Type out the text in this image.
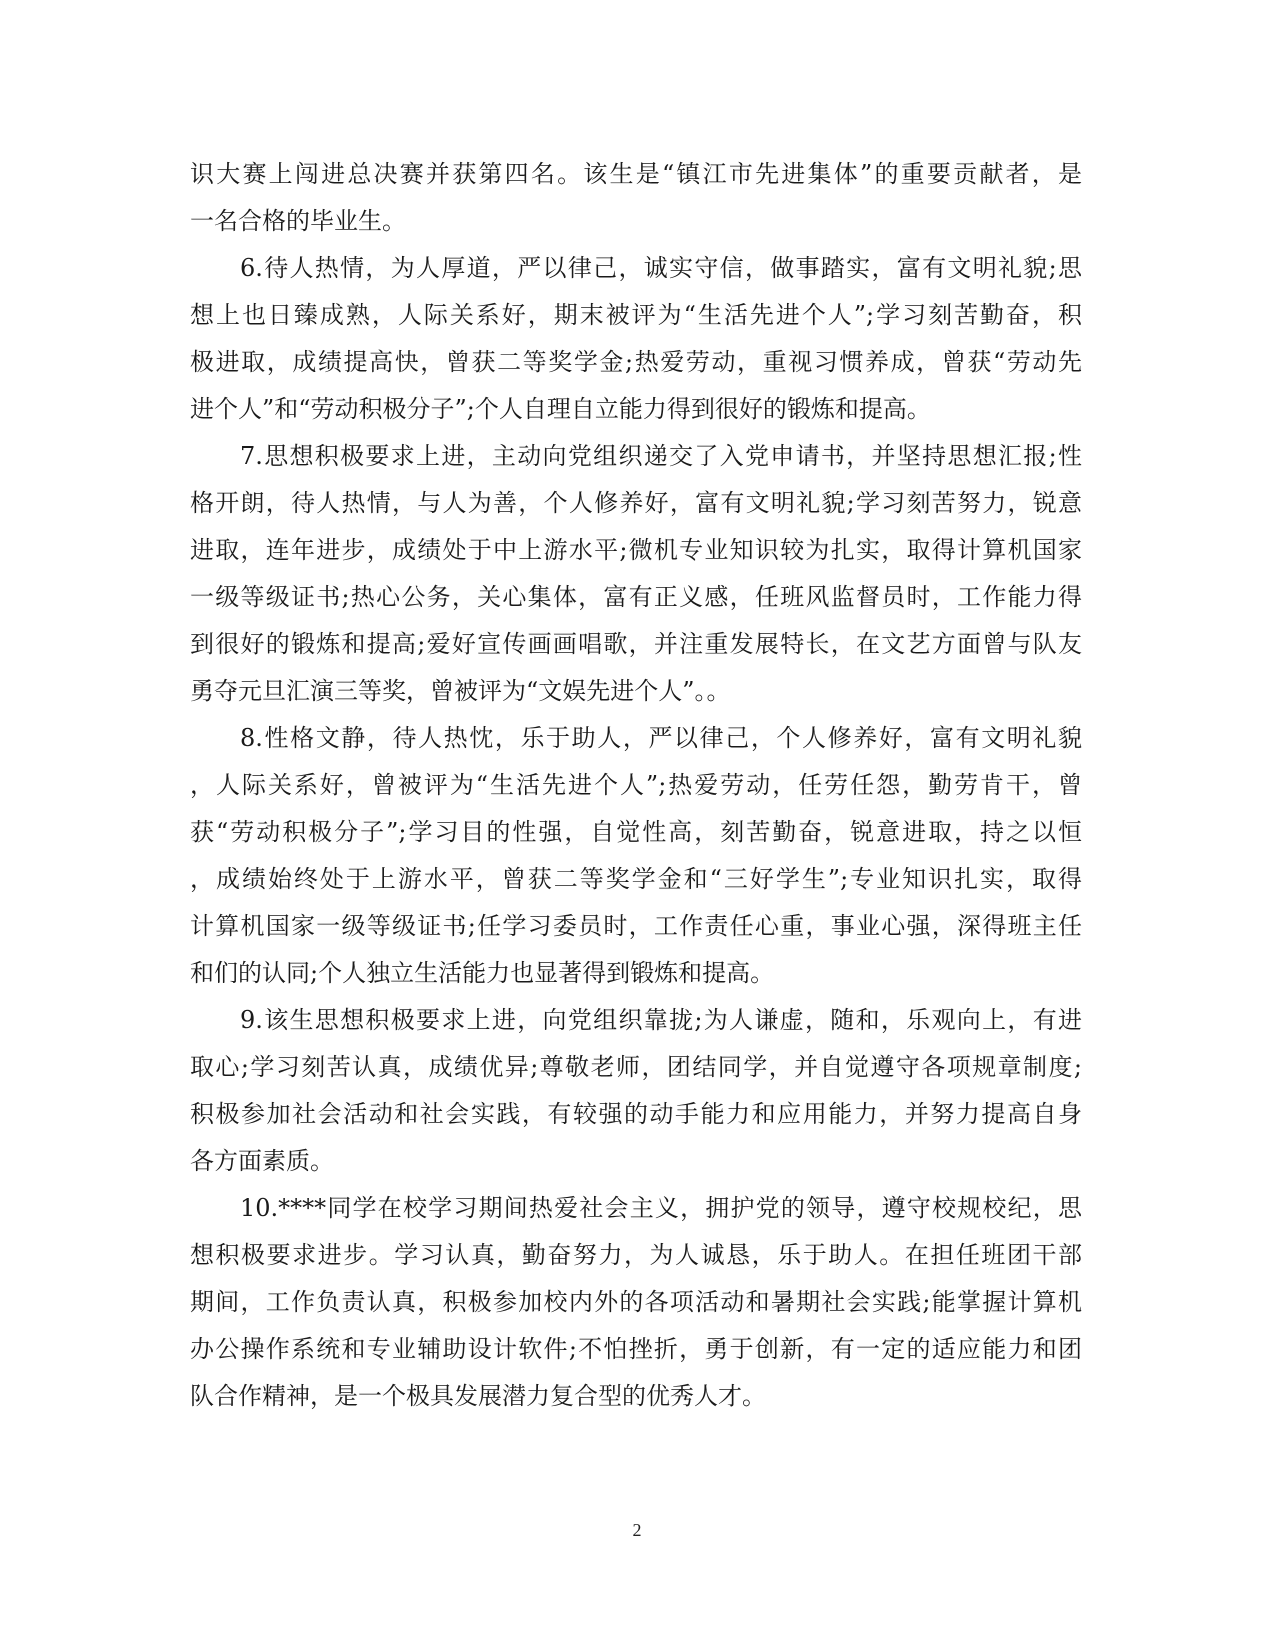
识大赛上闯进总决赛并获第四名。该生是“镇江市先进集体”的重要贡献者，是
一名合格的毕业生。
6.待人热情，为人厚道，严以律己，诚实守信，做事踏实，富有文明礼貌;思
想上也日臻成熟，人际关系好，期末被评为“生活先进个人”;学习刻苦勤奋，积
极进取，成绩提高快，曾获二等奖学金;热爱劳动，重视习惯养成，曾获“劳动先
进个人”和“劳动积极分子”;个人自理自立能力得到很好的锻炼和提高。
7.思想积极要求上进，主动向党组织递交了入党申请书，并坚持思想汇报;性
格开朗，待人热情，与人为善，个人修养好，富有文明礼貌;学习刻苦努力，锐意
进取，连年进步，成绩处于中上游水平;微机专业知识较为扎实，取得计算机国家
一级等级证书;热心公务，关心集体，富有正义感，任班风监督员时，工作能力得
到很好的锻炼和提高;爱好宣传画画唱歌，并注重发展特长，在文艺方面曾与队友
勇夺元旦汇演三等奖，曾被评为“文娱先进个人”。。
8.性格文静，待人热忱，乐于助人，严以律己，个人修养好，富有文明礼貌
，人际关系好，曾被评为“生活先进个人”;热爱劳动，任劳任怨，勤劳肯干，曾
获“劳动积极分子”;学习目的性强，自觉性高，刻苦勤奋，锐意进取，持之以恒
，成绩始终处于上游水平，曾获二等奖学金和“三好学生”;专业知识扎实，取得
计算机国家一级等级证书;任学习委员时，工作责任心重，事业心强，深得班主任
和们的认同;个人独立生活能力也显著得到锻炼和提高。
9.该生思想积极要求上进，向党组织靠拢;为人谦虚，随和，乐观向上，有进
取心;学习刻苦认真，成绩优异;尊敬老师，团结同学，并自觉遵守各项规章制度;
积极参加社会活动和社会实践，有较强的动手能力和应用能力，并努力提高自身
各方面素质。
10.****同学在校学习期间热爱社会主义，拥护党的领导，遵守校规校纪，思
想积极要求进步。学习认真，勤奋努力，为人诚恳，乐于助人。在担任班团干部
期间，工作负责认真，积极参加校内外的各项活动和暑期社会实践;能掌握计算机
办公操作系统和专业辅助设计软件;不怕挫折，勇于创新，有一定的适应能力和团
队合作精神，是一个极具发展潜力复合型的优秀人才。
2
